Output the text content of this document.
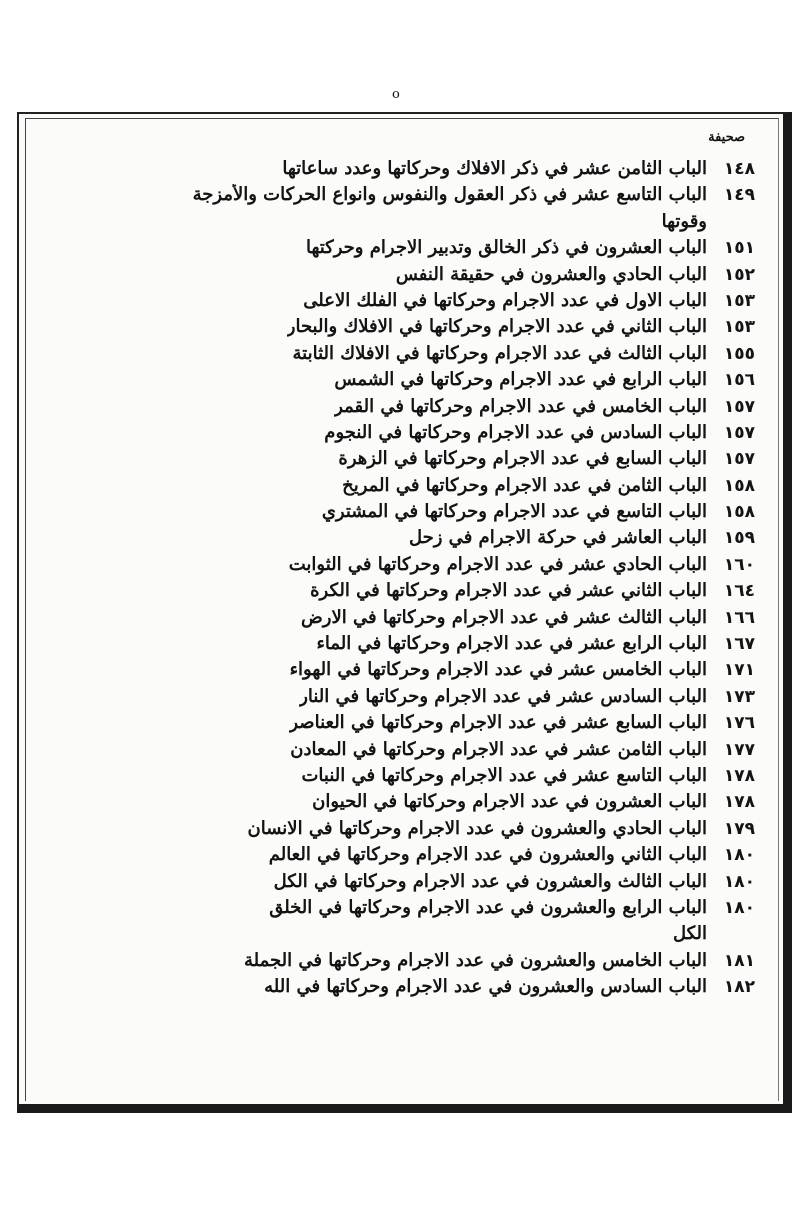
o
صحيفة
١٤٨
الباب الثامن عشر في ذكر الافلاك وحركاتها وعدد ساعاتها
١٤٩
الباب التاسع عشر في ذكر العقول والنفوس وانواع الحركات والأمزجة
وقوتها
١٥١
الباب العشرون في ذكر الخالق وتدبير الاجرام وحركتها
١٥٢
الباب الحادي والعشرون في حقيقة النفس
١٥٣
الباب الاول في عدد الاجرام وحركاتها في الفلك الاعلى
١٥٣
الباب الثاني في عدد الاجرام وحركاتها في الافلاك والبحار
١٥٥
الباب الثالث في عدد الاجرام وحركاتها في الافلاك الثابتة
١٥٦
الباب الرابع في عدد الاجرام وحركاتها في الشمس
١٥٧
الباب الخامس في عدد الاجرام وحركاتها في القمر
١٥٧
الباب السادس في عدد الاجرام وحركاتها في النجوم
١٥٧
الباب السابع في عدد الاجرام وحركاتها في الزهرة
١٥٨
الباب الثامن في عدد الاجرام وحركاتها في المريخ
١٥٨
الباب التاسع في عدد الاجرام وحركاتها في المشتري
١٥٩
الباب العاشر في حركة الاجرام في زحل
١٦٠
الباب الحادي عشر في عدد الاجرام وحركاتها في الثوابت
١٦٤
الباب الثاني عشر في عدد الاجرام وحركاتها في الكرة
١٦٦
الباب الثالث عشر في عدد الاجرام وحركاتها في الارض
١٦٧
الباب الرابع عشر في عدد الاجرام وحركاتها في الماء
١٧١
الباب الخامس عشر في عدد الاجرام وحركاتها في الهواء
١٧٣
الباب السادس عشر في عدد الاجرام وحركاتها في النار
١٧٦
الباب السابع عشر في عدد الاجرام وحركاتها في العناصر
١٧٧
الباب الثامن عشر في عدد الاجرام وحركاتها في المعادن
١٧٨
الباب التاسع عشر في عدد الاجرام وحركاتها في النبات
١٧٨
الباب العشرون في عدد الاجرام وحركاتها في الحيوان
١٧٩
الباب الحادي والعشرون في عدد الاجرام وحركاتها في الانسان
١٨٠
الباب الثاني والعشرون في عدد الاجرام وحركاتها في العالم
١٨٠
الباب الثالث والعشرون في عدد الاجرام وحركاتها في الكل
١٨٠
الباب الرابع والعشرون في عدد الاجرام وحركاتها في الخلق
الكل
١٨١
الباب الخامس والعشرون في عدد الاجرام وحركاتها في الجملة
١٨٢
الباب السادس والعشرون في عدد الاجرام وحركاتها في الله
